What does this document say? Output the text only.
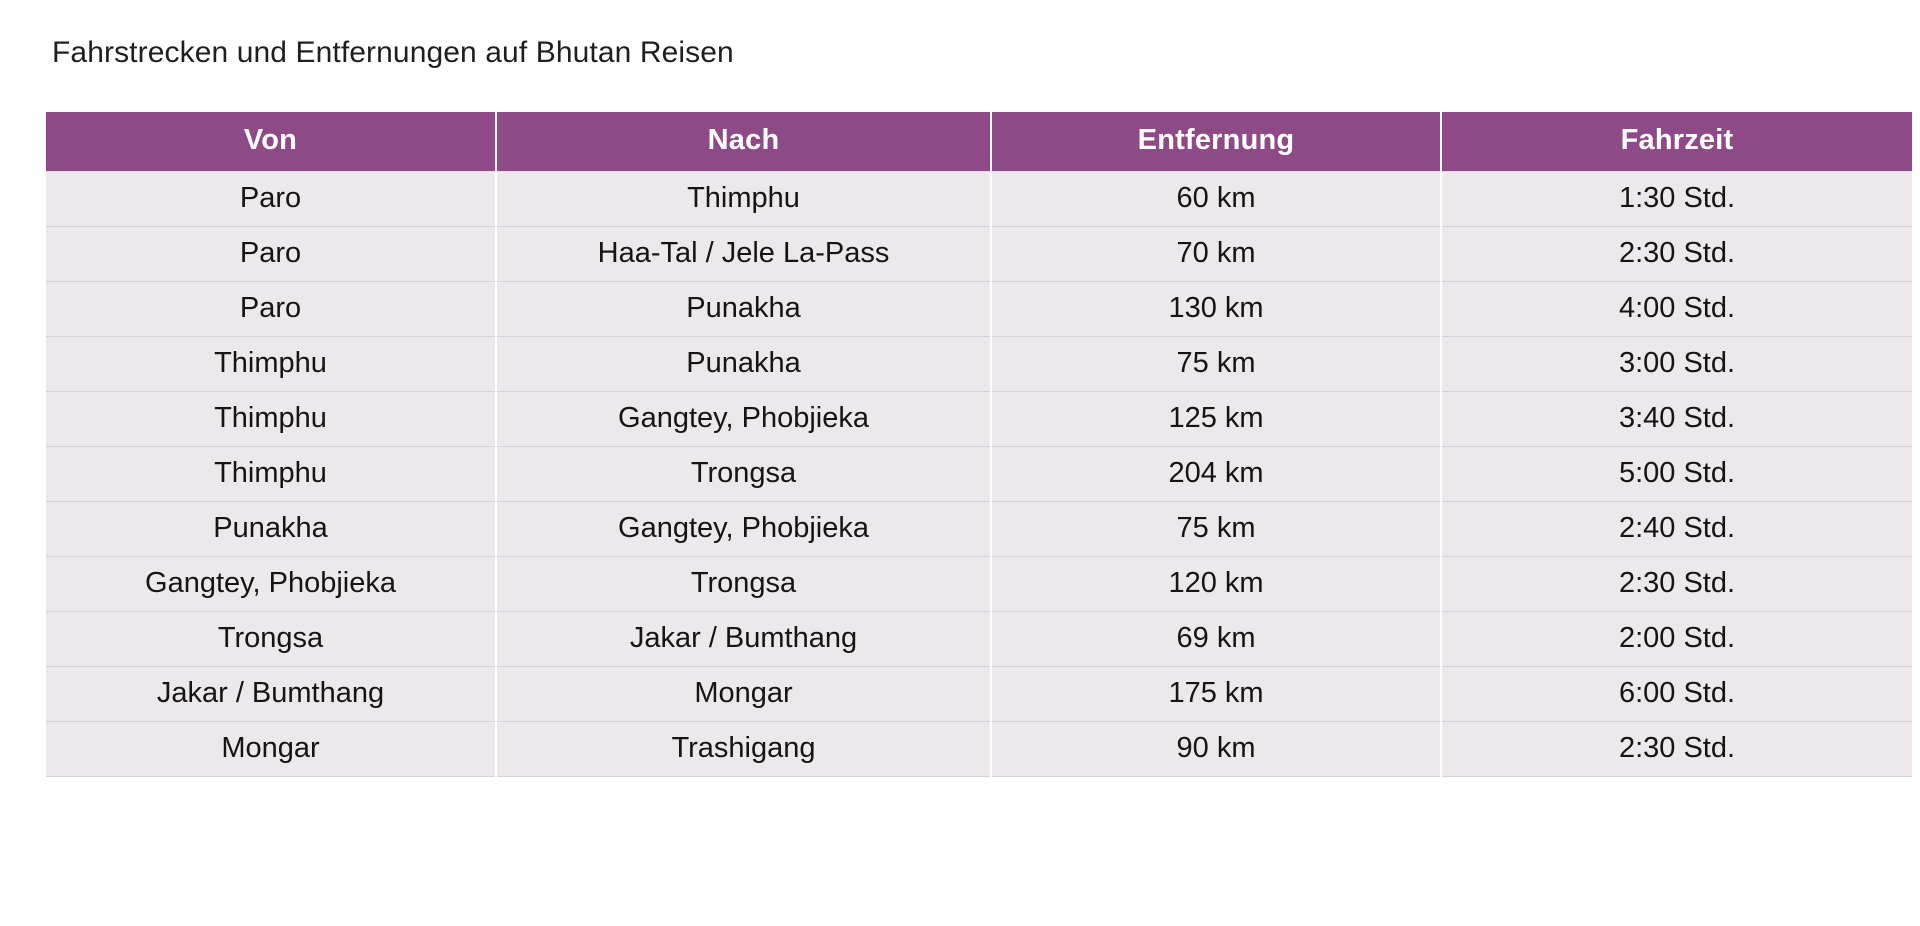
Fahrstrecken und Entfernungen auf Bhutan Reisen
Von	Nach	Entfernung	Fahrzeit
Paro	Thimphu	60 km	1:30 Std.
Paro	Haa-Tal / Jele La-Pass	70 km	2:30 Std.
Paro	Punakha	130 km	4:00 Std.
Thimphu	Punakha	75 km	3:00 Std.
Thimphu	Gangtey, Phobjieka	125 km	3:40 Std.
Thimphu	Trongsa	204 km	5:00 Std.
Punakha	Gangtey, Phobjieka	75 km	2:40 Std.
Gangtey, Phobjieka	Trongsa	120 km	2:30 Std.
Trongsa	Jakar / Bumthang	69 km	2:00 Std.
Jakar / Bumthang	Mongar	175 km	6:00 Std.
Mongar	Trashigang	90 km	2:30 Std.
